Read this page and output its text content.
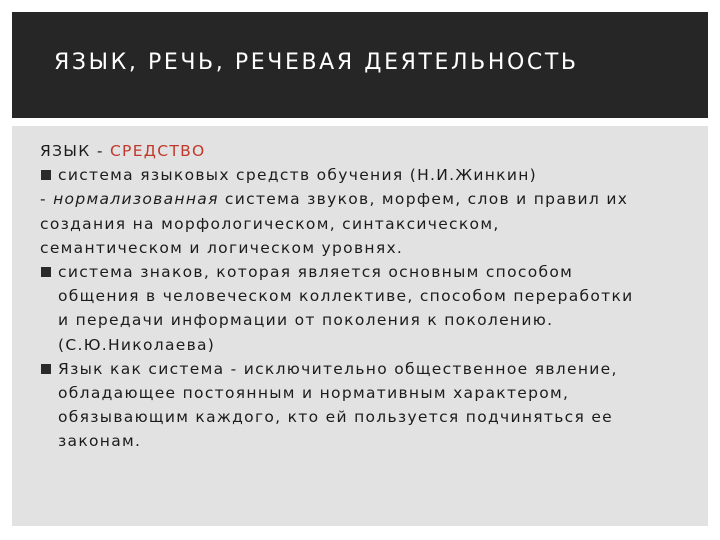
ЯЗЫК, РЕЧЬ, РЕЧЕВАЯ ДЕЯТЕЛЬНОСТЬ
ЯЗЫК - СРЕДСТВО
система языковых средств обучения (Н.И.Жинкин)
- нормализованная система звуков, морфем, слов и правил их
создания на морфологическом, синтаксическом,
семантическом и логическом уровнях.
система знаков, которая является основным способом
общения в человеческом коллективе, способом переработки
и передачи информации от поколения к поколению.
(С.Ю.Николаева)
Язык как система - исключительно общественное явление,
обладающее постоянным и нормативным характером,
обязывающим каждого, кто ей пользуется подчиняться ее
законам.
